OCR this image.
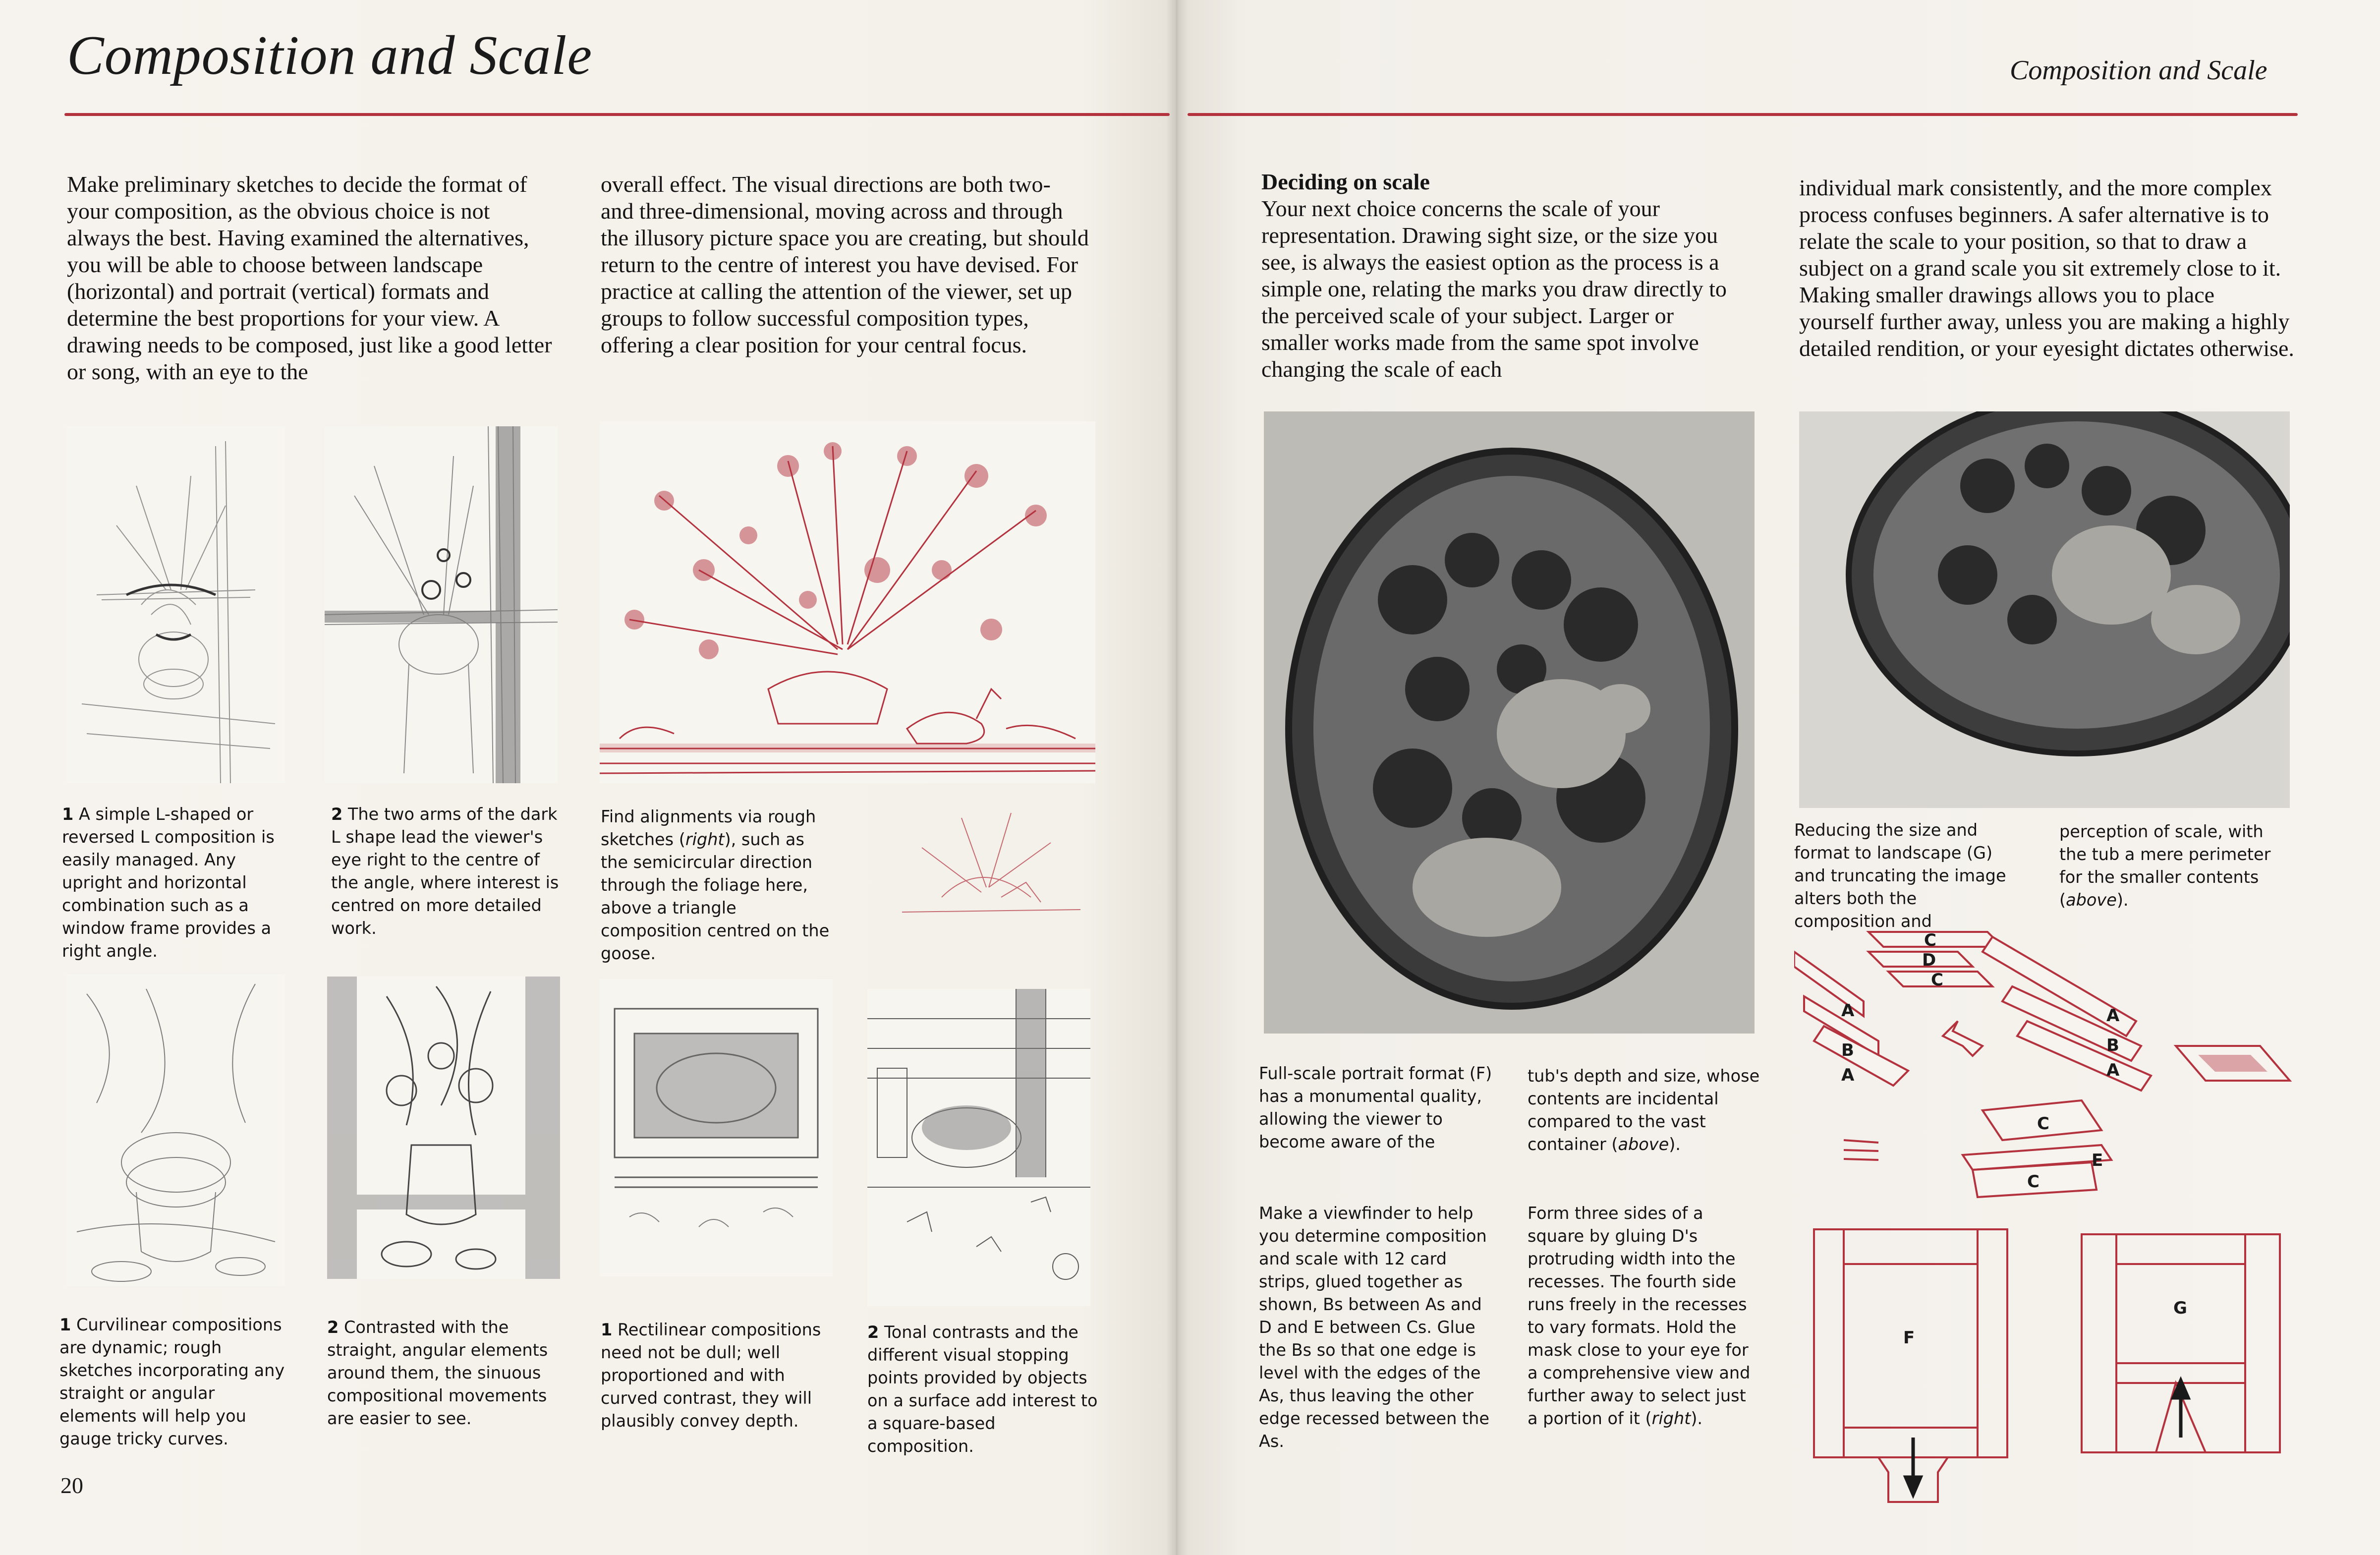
Composition and Scale
Make preliminary sketches to decide the format of your composition, as the obvious choice is not always the best. Having examined the alternatives, you will be able to choose between landscape (horizontal) and portrait (vertical) formats and determine the best proportions for your view. A drawing needs to be composed, just like a good letter or song, with an eye to the
overall effect. The visual directions are both two- and three-dimensional, moving across and through the illusory picture space you are creating, but should return to the centre of interest you have devised. For practice at calling the attention of the viewer, set up groups to follow successful composition types, offering a clear position for your central focus.
1 A simple L-shaped or reversed L composition is easily managed. Any upright and horizontal combination such as a window frame provides a right angle.
2 The two arms of the dark L shape lead the viewer's eye right to the centre of the angle, where interest is centred on more detailed work.
Find alignments via rough sketches (right), such as the semicircular direction through the foliage here, above a triangle composition centred on the goose.
1 Curvilinear compositions are dynamic; rough sketches incorporating any straight or angular elements will help you gauge tricky curves.
2 Contrasted with the straight, angular elements around them, the sinuous compositional movements are easier to see.
1 Rectilinear compositions need not be dull; well proportioned and with curved contrast, they will plausibly convey depth.
2 Tonal contrasts and the different visual stopping points provided by objects on a surface add interest to a square-based composition.
20
Composition and Scale
Deciding on scale
Your next choice concerns the scale of your representation. Drawing sight size, or the size you see, is always the easiest option as the process is a simple one, relating the marks you draw directly to the perceived scale of your subject. Larger or smaller works made from the same spot involve changing the scale of each
individual mark consistently, and the more complex process confuses beginners. A safer alternative is to relate the scale to your position, so that to draw a subject on a grand scale you sit extremely close to it. Making smaller drawings allows you to place yourself further away, unless you are making a highly detailed rendition, or your eyesight dictates otherwise.
Reducing the size and format to landscape (G) and truncating the image alters both the composition and
perception of scale, with the tub a mere perimeter for the smaller contents (above).
Full-scale portrait format (F) has a monumental quality, allowing the viewer to become aware of the
tub's depth and size, whose contents are incidental compared to the vast container (above).
Make a viewfinder to help you determine composition and scale with 12 card strips, glued together as shown, Bs between As and D and E between Cs. Glue the Bs so that one edge is level with the edges of the As, thus leaving the other edge recessed between the As.
Form three sides of a square by gluing D's protruding width into the recesses. The fourth side runs freely in the recesses to vary formats. Hold the mask close to your eye for a comprehensive view and further away to select just a portion of it (right).
C
D
C
A
B
A
A
B
A
C
E
C
F
G
